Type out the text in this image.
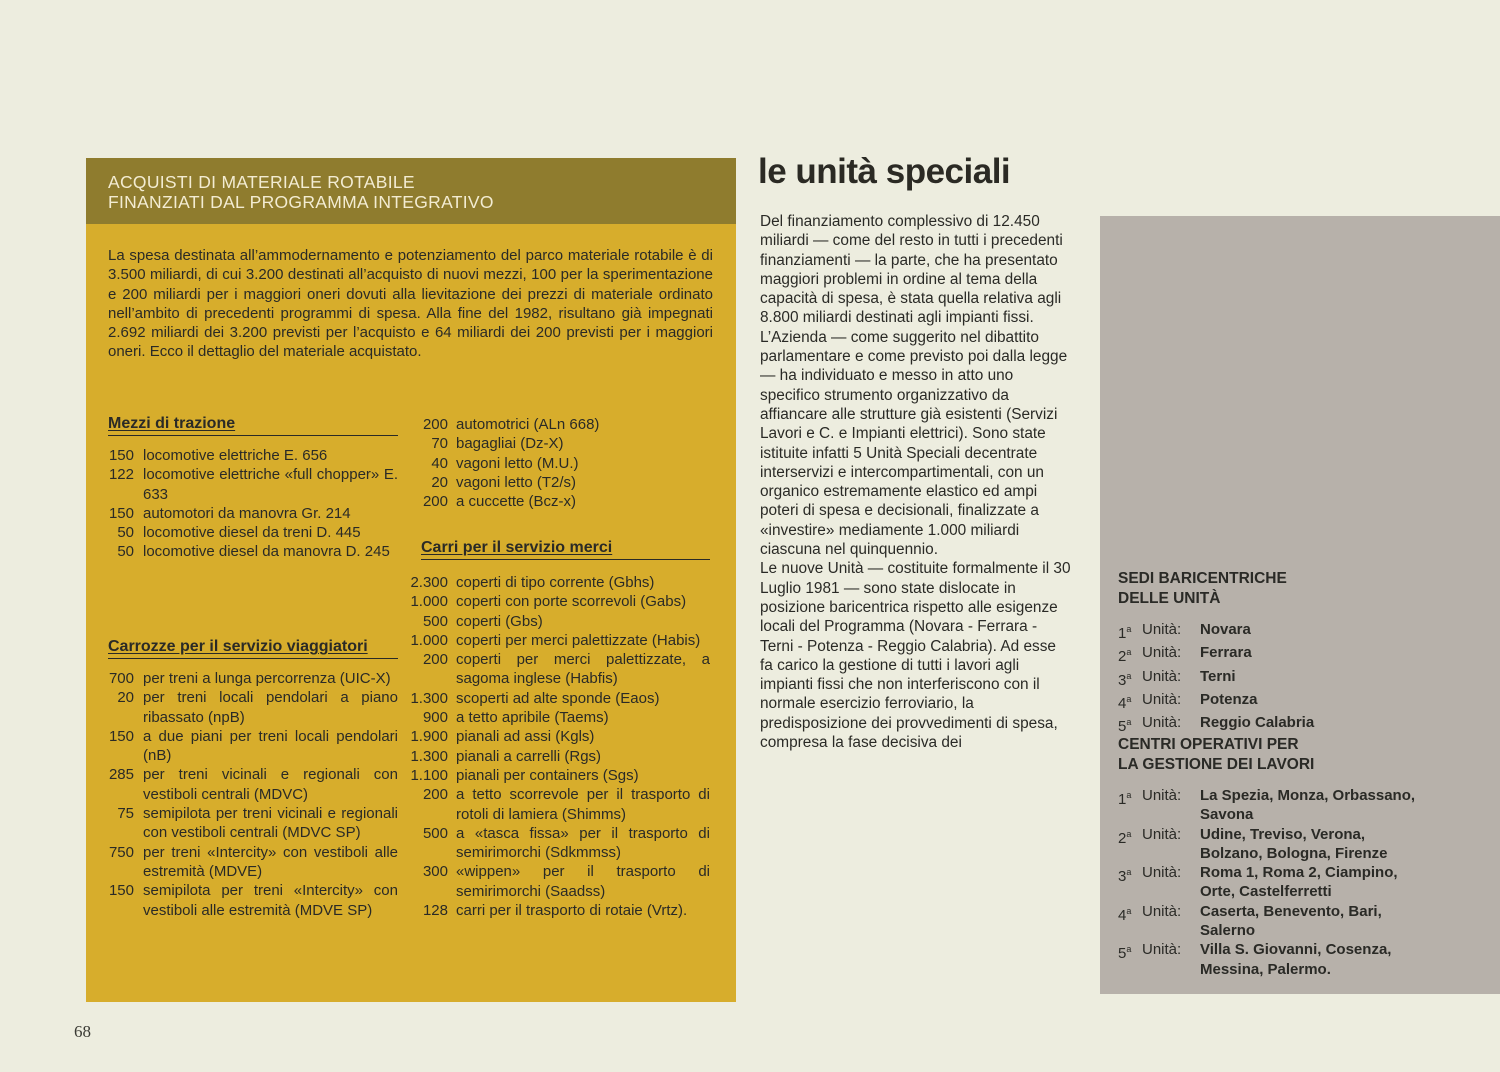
ACQUISTI DI MATERIALE ROTABILE
FINANZIATI DAL PROGRAMMA INTEGRATIVO
La spesa destinata all’ammodernamento e potenziamento del parco materiale rotabile è di 3.500 miliardi, di cui 3.200 destinati all’acquisto di nuovi mezzi, 100 per la sperimentazione e 200 miliardi per i maggiori oneri dovuti alla lievitazione dei prezzi di materiale ordinato nell’ambito di precedenti programmi di spesa. Alla fine del 1982, risultano già impegnati 2.692 miliardi dei 3.200 previsti per l’acquisto e 64 miliardi dei 200 previsti per i maggiori oneri. Ecco il dettaglio del materiale acquistato.
Mezzi di trazione
150 locomotive elettriche E. 656
122 locomotive elettriche «full chopper» E. 633
150 automotori da manovra Gr. 214
50 locomotive diesel da treni D. 445
50 locomotive diesel da manovra D. 245
Carrozze per il servizio viaggiatori
700 per treni a lunga percorrenza (UIC-X)
20 per treni locali pendolari a piano ribassato (npB)
150 a due piani per treni locali pendolari (nB)
285 per treni vicinali e regionali con vestiboli centrali (MDVC)
75 semipilota per treni vicinali e regionali con vestiboli centrali (MDVC SP)
750 per treni «Intercity» con vestiboli alle estremità (MDVE)
150 semipilota per treni «Intercity» con vestiboli alle estremità (MDVE SP)
200 automotrici (ALn 668)
70 bagagliai (Dz-X)
40 vagoni letto (M.U.)
20 vagoni letto (T2/s)
200 a cuccette (Bcz-x)
Carri per il servizio merci
2.300 coperti di tipo corrente (Gbhs)
1.000 coperti con porte scorrevoli (Gabs)
500 coperti (Gbs)
1.000 coperti per merci palettizzate (Habis)
200 coperti per merci palettizzate, a sagoma inglese (Habfis)
1.300 scoperti ad alte sponde (Eaos)
900 a tetto apribile (Taems)
1.900 pianali ad assi (Kgls)
1.300 pianali a carrelli (Rgs)
1.100 pianali per containers (Sgs)
200 a tetto scorrevole per il trasporto di rotoli di lamiera (Shimms)
500 a «tasca fissa» per il trasporto di semirimorchi (Sdkmmss)
300 «wippen» per il trasporto di semirimorchi (Saadss)
128 carri per il trasporto di rotaie (Vrtz).
le unità speciali

Del finanziamento complessivo di 12.450 miliardi — come del resto in tutti i precedenti finanziamenti — la parte, che ha presentato maggiori problemi in ordine al tema della capacità di spesa, è stata quella relativa agli 8.800 miliardi destinati agli impianti fissi. L’Azienda — come suggerito nel dibattito parlamentare e come previsto poi dalla legge — ha individuato e messo in atto uno specifico strumento organizzativo da affiancare alle strutture già esistenti (Servizi Lavori e C. e Impianti elettrici). Sono state istituite infatti 5 Unità Speciali decentrate interservizi e intercompartimentali, con un organico estremamente elastico ed ampi poteri di spesa e decisionali, finalizzate a «investire» mediamente 1.000 miliardi ciascuna nel quinquennio.

Le nuove Unità — costituite formalmente il 30 Luglio 1981 — sono state dislocate in posizione baricentrica rispetto alle esigenze locali del Programma (Novara - Ferrara - Terni - Potenza - Reggio Calabria). Ad esse fa carico la gestione di tutti i lavori agli impianti fissi che non interferiscono con il normale esercizio ferroviario, la predisposizione dei provvedimenti di spesa, compresa la fase decisiva dei

SEDI BARICENTRICHE
DELLE UNITÀ
1$^a$ Unità:	Novara
2$^a$ Unità:	Ferrara
3$^a$ Unità:	Terni
4$^a$ Unità:	Potenza
5$^a$ Unità:	Reggio Calabria
CENTRI OPERATIVI PER
LA GESTIONE DEI LAVORI
1$^a$ Unità:	La Spezia, Monza, Orbassano, Savona
2$^a$ Unità:	Udine, Treviso, Verona, Bolzano, Bologna, Firenze
3$^a$ Unità:	Roma 1, Roma 2, Ciampino, Orte, Castelferretti
4$^a$ Unità:	Caserta, Benevento, Bari, Salerno
5$^a$ Unità:	Villa S. Giovanni, Cosenza, Messina, Palermo.
68
